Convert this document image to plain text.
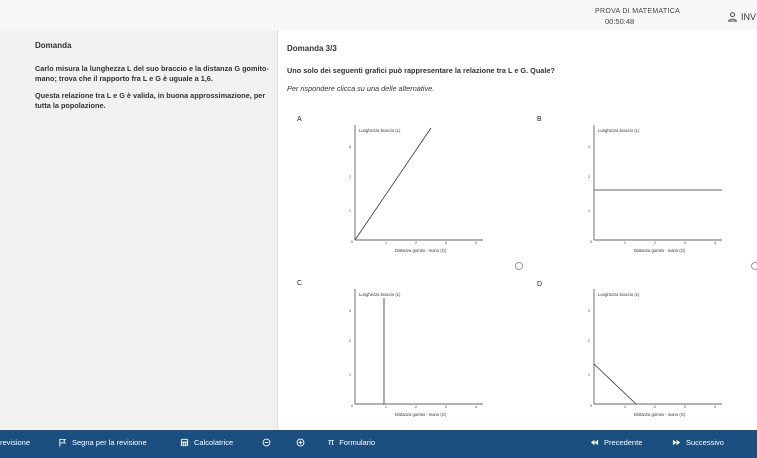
PROVA DI MATEMATICA
00:50:48	INV
Domanda

Carlo misura la lunghezza L del suo braccio e la distanza G gomito-mano; trova che il rapporto fra L e G è uguale a 1,6.

Questa relazione tra L e G è valida, in buona approssimazione, per tutta la popolazione.

Domanda 3/3
Uno solo dei seguenti grafici può rappresentare la relazione tra L e G. Quale?
Per rispondere clicca su una delle alternative.
A
Lunghezza braccio (L)
Distanza gomito - mano (G)
0	1	2	3	4
1
2
3
B
Lunghezza braccio (L)
Distanza gomito - mano (G)
0	1	2	3	4
1
2
3
C
Lunghezza braccio (L)
Distanza gomito - mano (G)
0	1	2	3	4
1
2
3
D
Lunghezza braccio (L)
Distanza gomito - mano (G)
0	1	2	3	4
1
2
3
revisione	Segna per la revisione	Calcolatrice	π Formulario	Precedente	Successivo
